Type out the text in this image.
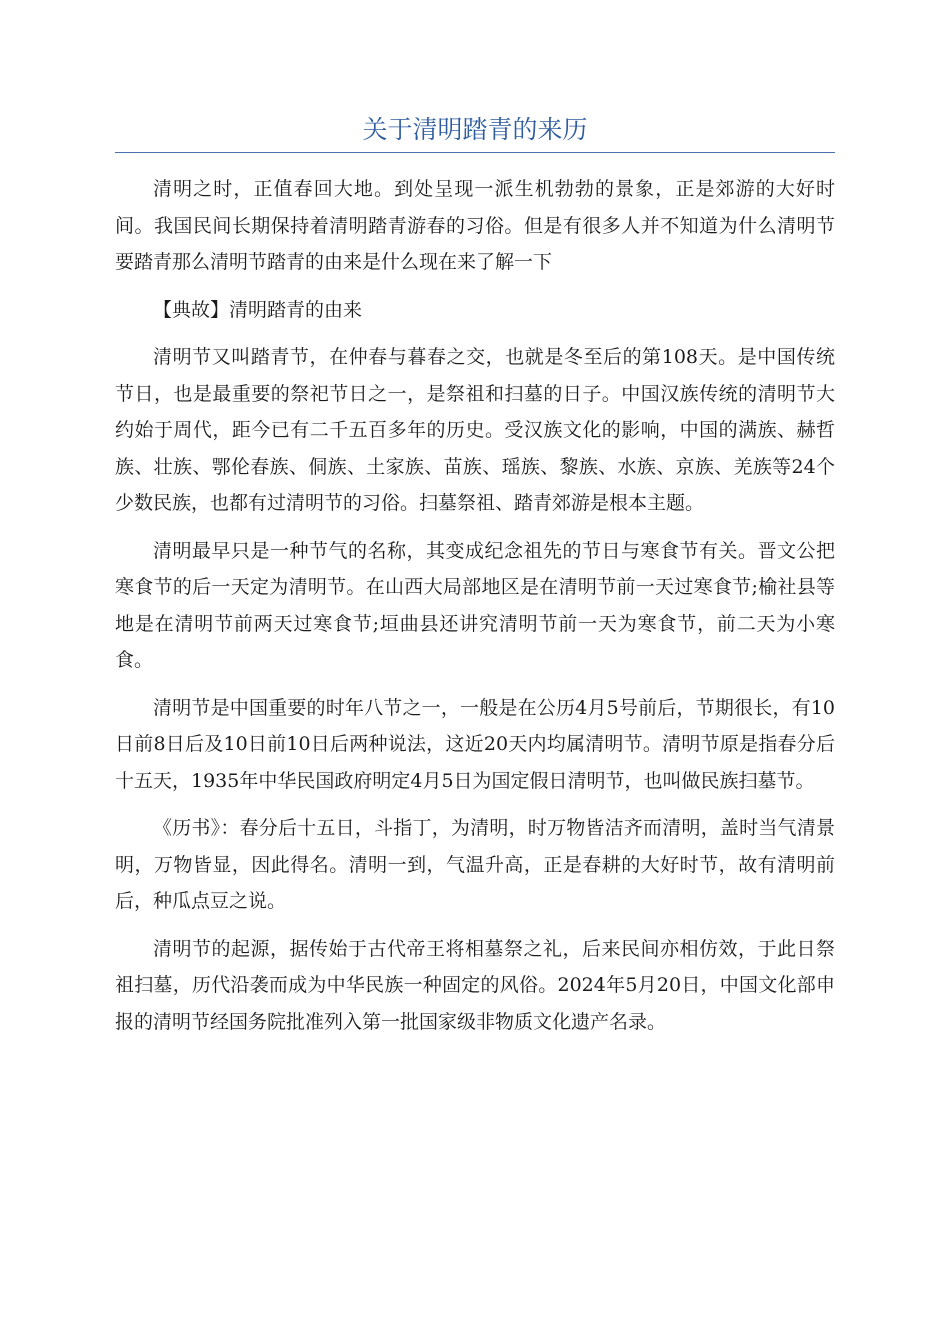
关于清明踏青的来历

清明之时，正值春回大地。到处呈现一派生机勃勃的景象，正是郊游的大好时间。我国民间长期保持着清明踏青游春的习俗。但是有很多人并不知道为什么清明节要踏青那么清明节踏青的由来是什么现在来了解一下

【典故】清明踏青的由来

清明节又叫踏青节，在仲春与暮春之交，也就是冬至后的第108天。是中国传统节日，也是最重要的祭祀节日之一，是祭祖和扫墓的日子。中国汉族传统的清明节大约始于周代，距今已有二千五百多年的历史。受汉族文化的影响，中国的满族、赫哲族、壮族、鄂伦春族、侗族、土家族、苗族、瑶族、黎族、水族、京族、羌族等24个少数民族，也都有过清明节的习俗。扫墓祭祖、踏青郊游是根本主题。

清明最早只是一种节气的名称，其变成纪念祖先的节日与寒食节有关。晋文公把寒食节的后一天定为清明节。在山西大局部地区是在清明节前一天过寒食节;榆社县等地是在清明节前两天过寒食节;垣曲县还讲究清明节前一天为寒食节，前二天为小寒食。

清明节是中国重要的时年八节之一，一般是在公历4月5号前后，节期很长，有10日前8日后及10日前10日后两种说法，这近20天内均属清明节。清明节原是指春分后十五天，1935年中华民国政府明定4月5日为国定假日清明节，也叫做民族扫墓节。

《历书》：春分后十五日，斗指丁，为清明，时万物皆洁齐而清明，盖时当气清景明，万物皆显，因此得名。清明一到，气温升高，正是春耕的大好时节，故有清明前后，种瓜点豆之说。

清明节的起源，据传始于古代帝王将相墓祭之礼，后来民间亦相仿效，于此日祭祖扫墓，历代沿袭而成为中华民族一种固定的风俗。2024年5月20日，中国文化部申报的清明节经国务院批准列入第一批国家级非物质文化遗产名录。
